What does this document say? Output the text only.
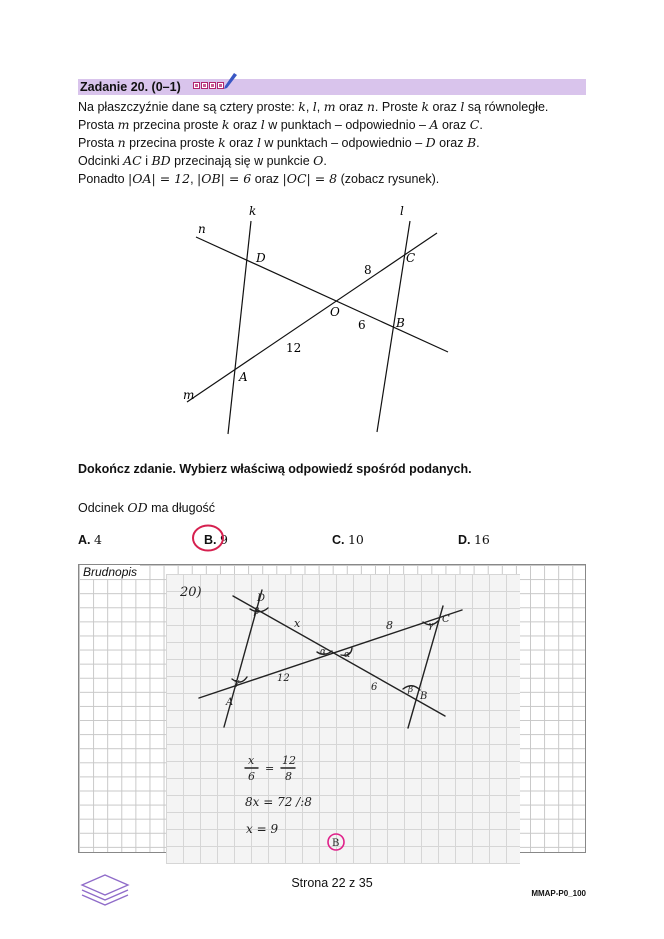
Zadanie 20. (0–1)
Na płaszczyźnie dane są cztery proste: k, l, m oraz n. Proste k oraz l są równoległe.
Prosta m przecina proste k oraz l w punktach – odpowiednio – A oraz C.
Prosta n przecina proste k oraz l w punktach – odpowiednio – D oraz B.
Odcinki AC i BD przecinają się w punkcie O.
Ponadto |OA| = 12, |OB| = 6 oraz |OC| = 8 (zobacz rysunek).
k	l
n
m
D	C
O
B
A
8
6
12
Dokończ zdanie. Wybierz właściwą odpowiedź spośród podanych.
Odcinek OD ma długość
A. 4	B. 9	C. 10	D. 16
Brudnopis
20)	D
A
C
B
x	8
12
6
β
γ
α α
γ
β
x
6
=
12
8
8x = 72 /:8
x = 9
B
Strona 22 z 35
MMAP-P0_100
